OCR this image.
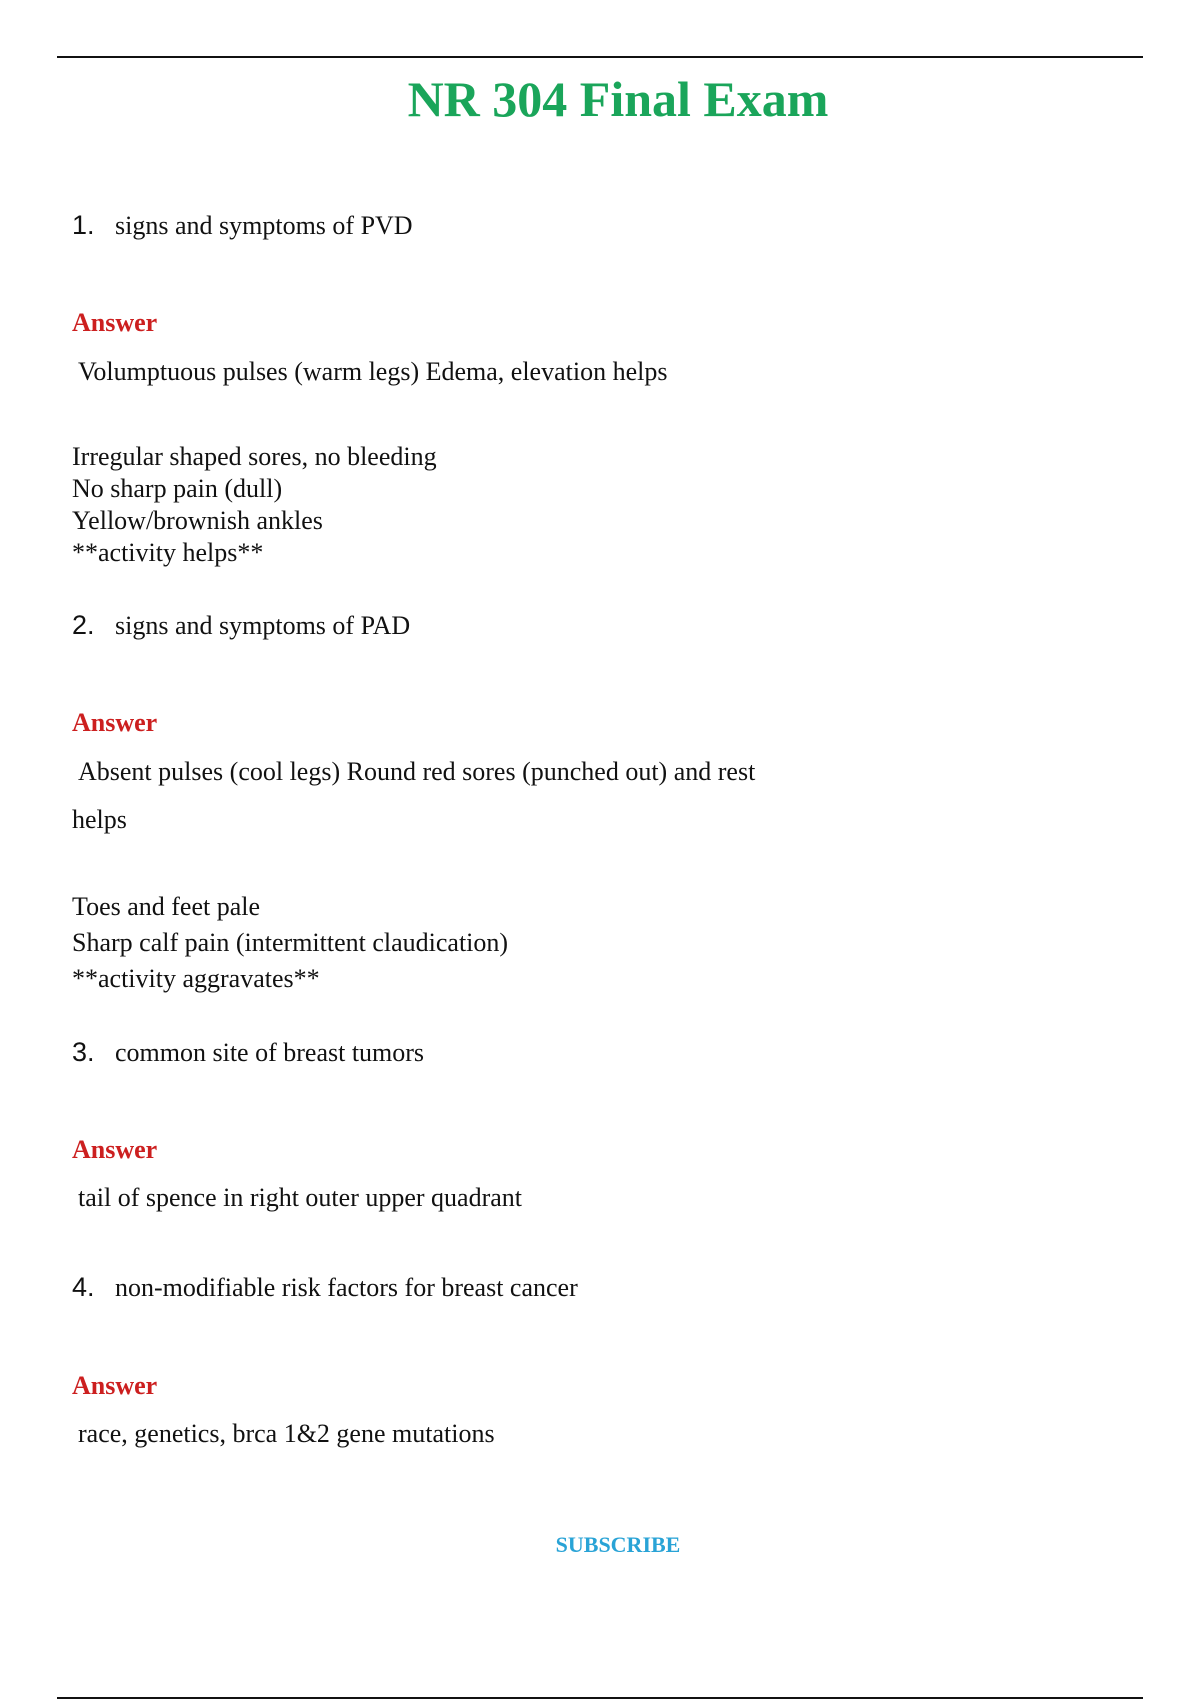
NR 304 Final Exam
1. signs and symptoms of PVD
Answer
Volumptuous pulses (warm legs) Edema, elevation helps
Irregular shaped sores, no bleeding
No sharp pain (dull)
Yellow/brownish ankles
**activity helps**
2. signs and symptoms of PAD
Answer
Absent pulses (cool legs) Round red sores (punched out) and rest
helps
Toes and feet pale
Sharp calf pain (intermittent claudication)
**activity aggravates**
3. common site of breast tumors
Answer
tail of spence in right outer upper quadrant
4. non-modifiable risk factors for breast cancer
Answer
race, genetics, brca 1&2 gene mutations
SUBSCRIBE
